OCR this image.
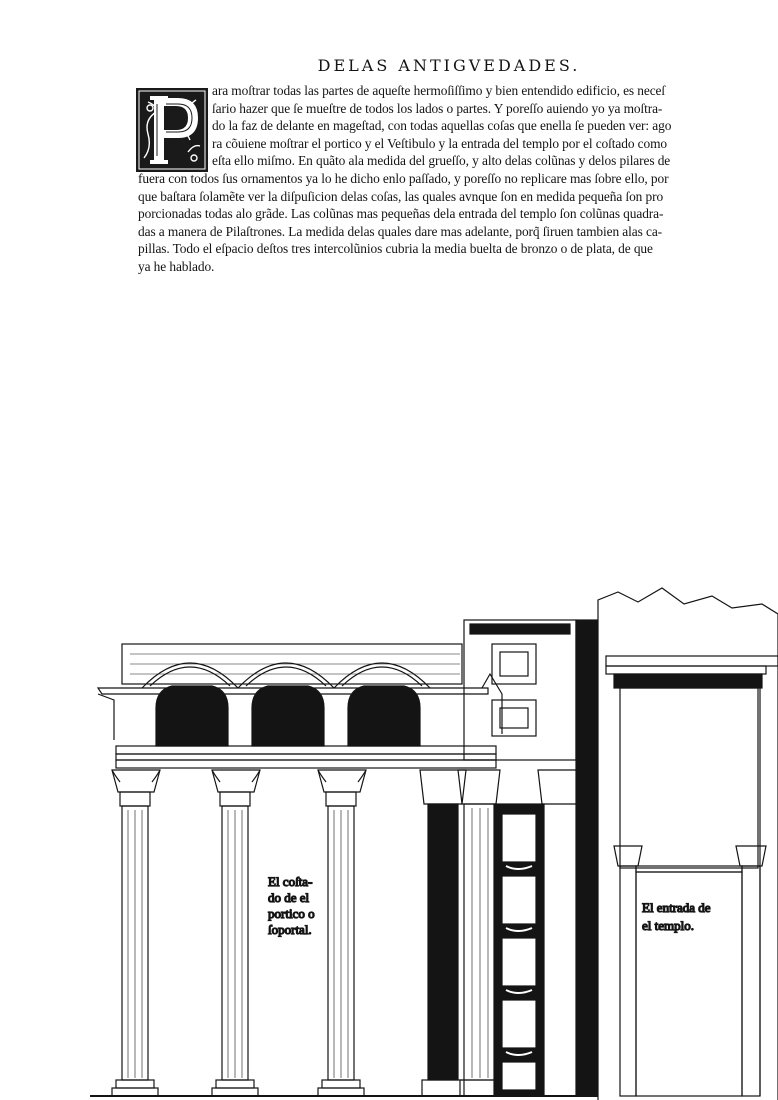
DELAS ANTIGVEDADES.
P
ara moſtrar todas las partes de aqueſte hermoſiſſimo y bien entendido edificio, es neceſ
ſario hazer que ſe mueſtre de todos los lados o partes. Y poreſſo auiendo yo ya moſtra-
do la faz de delante en mageſtad, con todas aquellas coſas que enella ſe pueden ver: ago
ra cõuiene moſtrar el portico y el Veſtibulo y la entrada del templo por el coſtado como
eſta ello miſmo. En quãto ala medida del grueſſo, y alto delas colũnas y delos pilares de
fuera con todos ſus ornamentos ya lo he dicho enlo paſſado, y poreſſo no replicare mas ſobre ello, por
que baſtara ſolamẽte ver la diſpuſicion delas coſas, las quales avnque ſon en medida pequeña ſon pro
porcionadas todas alo grãde. Las colũnas mas pequeñas dela entrada del templo ſon colũnas quadra-
das a manera de Pilaſtrones. La medida delas quales dare mas adelante, porq̃ ſiruen tambien alas ca-
pillas. Todo el eſpacio deſtos tres intercolũnios cubria la media buelta de bronzo o de plata, de que
ya he hablado.
El coſta-
do de el
portico o
ſoportal.
El entrada de
el templo.
